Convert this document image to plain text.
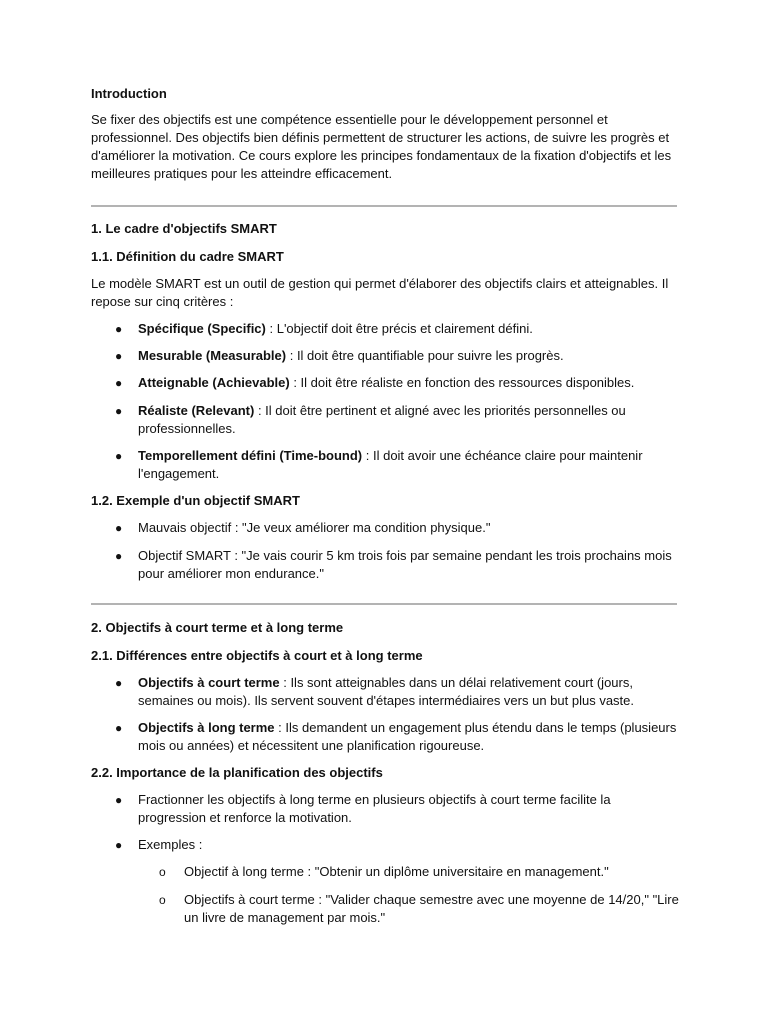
Introduction

Se fixer des objectifs est une compétence essentielle pour le développement personnel et professionnel. Des objectifs bien définis permettent de structurer les actions, de suivre les progrès et d'améliorer la motivation. Ce cours explore les principes fondamentaux de la fixation d'objectifs et les meilleures pratiques pour les atteindre efficacement.

1. Le cadre d'objectifs SMART

1.1. Définition du cadre SMART

Le modèle SMART est un outil de gestion qui permet d'élaborer des objectifs clairs et atteignables. Il repose sur cinq critères :

● Spécifique (Specific) : L'objectif doit être précis et clairement défini.
● Mesurable (Measurable) : Il doit être quantifiable pour suivre les progrès.
● Atteignable (Achievable) : Il doit être réaliste en fonction des ressources disponibles.
● Réaliste (Relevant) : Il doit être pertinent et aligné avec les priorités personnelles ou professionnelles.
● Temporellement défini (Time-bound) : Il doit avoir une échéance claire pour maintenir l'engagement.

1.2. Exemple d'un objectif SMART

● Mauvais objectif : "Je veux améliorer ma condition physique."
● Objectif SMART : "Je vais courir 5 km trois fois par semaine pendant les trois prochains mois pour améliorer mon endurance."

2. Objectifs à court terme et à long terme

2.1. Différences entre objectifs à court et à long terme

● Objectifs à court terme : Ils sont atteignables dans un délai relativement court (jours, semaines ou mois). Ils servent souvent d'étapes intermédiaires vers un but plus vaste.
● Objectifs à long terme : Ils demandent un engagement plus étendu dans le temps (plusieurs mois ou années) et nécessitent une planification rigoureuse.

2.2. Importance de la planification des objectifs

● Fractionner les objectifs à long terme en plusieurs objectifs à court terme facilite la progression et renforce la motivation.
● Exemples :
o Objectif à long terme : "Obtenir un diplôme universitaire en management."
o Objectifs à court terme : "Valider chaque semestre avec une moyenne de 14/20," "Lire un livre de management par mois."
